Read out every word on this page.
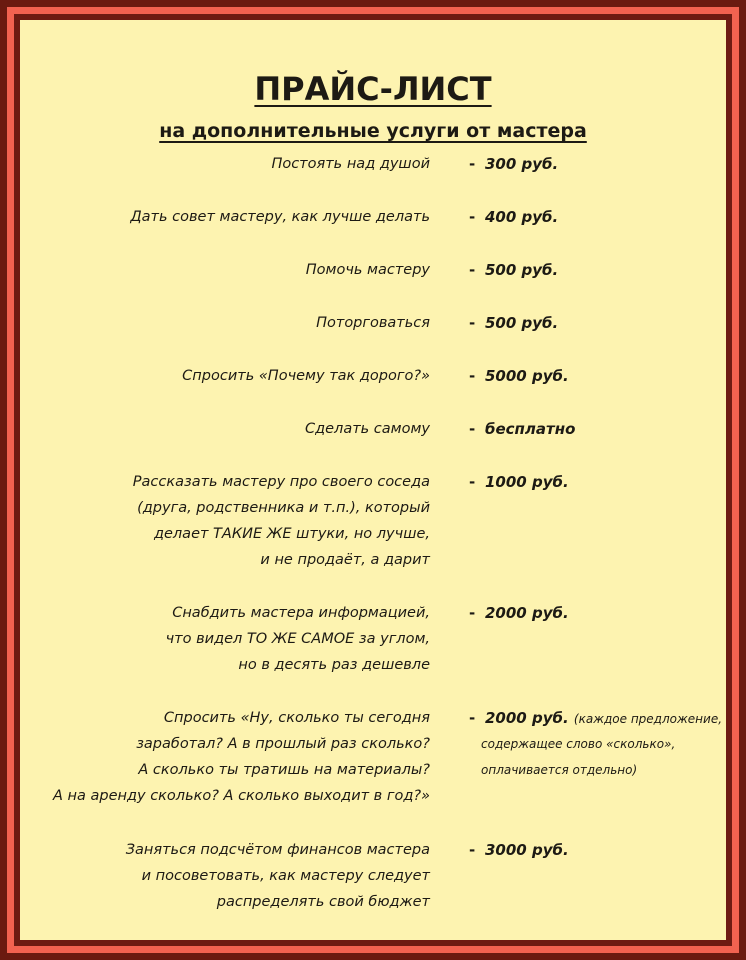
ПРАЙС-ЛИСТ
на дополнительные услуги от мастера
Постоять над душой	- 300 руб.
Дать совет мастеру, как лучше делать	- 400 руб.
Помочь мастеру	- 500 руб.
Поторговаться	- 500 руб.
Спросить «Почему так дорого?»	- 5000 руб.
Сделать самому	- бесплатно
Рассказать мастеру про своего соседа
(друга, родственника и т.п.), который
делает ТАКИЕ ЖЕ штуки, но лучше,
и не продаёт, а дарит
- 1000 руб.
Снабдить мастера информацией,
что видел ТО ЖЕ САМОЕ за углом,
но в десять раз дешевле
- 2000 руб.
Спросить «Ну, сколько ты сегодня
заработал? А в прошлый раз сколько?
А сколько ты тратишь на материалы?
А на аренду сколько? А сколько выходит в год?»
- 2000 руб. (каждое предложение,
содержащее слово «сколько»,
оплачивается отдельно)
Заняться подсчётом финансов мастера
и посоветовать, как мастеру следует
распределять свой бюджет
- 3000 руб.
